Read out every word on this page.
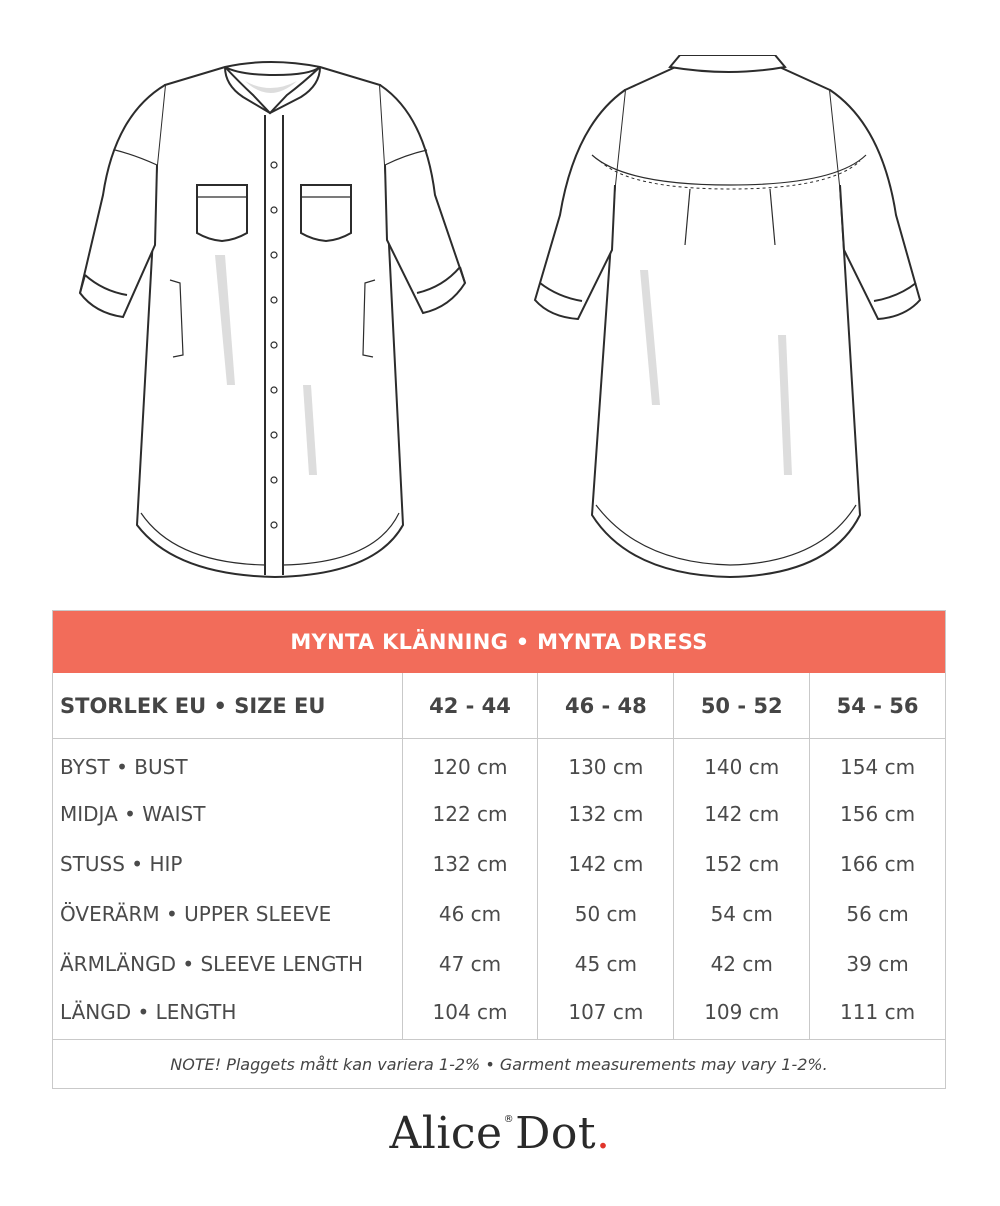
MYNTA KLÄNNING • MYNTA DRESS
STORLEK EU • SIZE EU	42 - 44	46 - 48	50 - 52	54 - 56
BYST • BUST	120 cm	130 cm	140 cm	154 cm
MIDJA • WAIST	122 cm	132 cm	142 cm	156 cm
STUSS • HIP	132 cm	142 cm	152 cm	166 cm
ÖVERÄRM • UPPER SLEEVE	46 cm	50 cm	54 cm	56 cm
ÄRMLÄNGD • SLEEVE LENGTH	47 cm	45 cm	42 cm	39 cm
LÄNGD • LENGTH	104 cm	107 cm	109 cm	111 cm
NOTE! Plaggets mått kan variera 1-2% • Garment measurements may vary 1-2%.
Alice®Dot.
